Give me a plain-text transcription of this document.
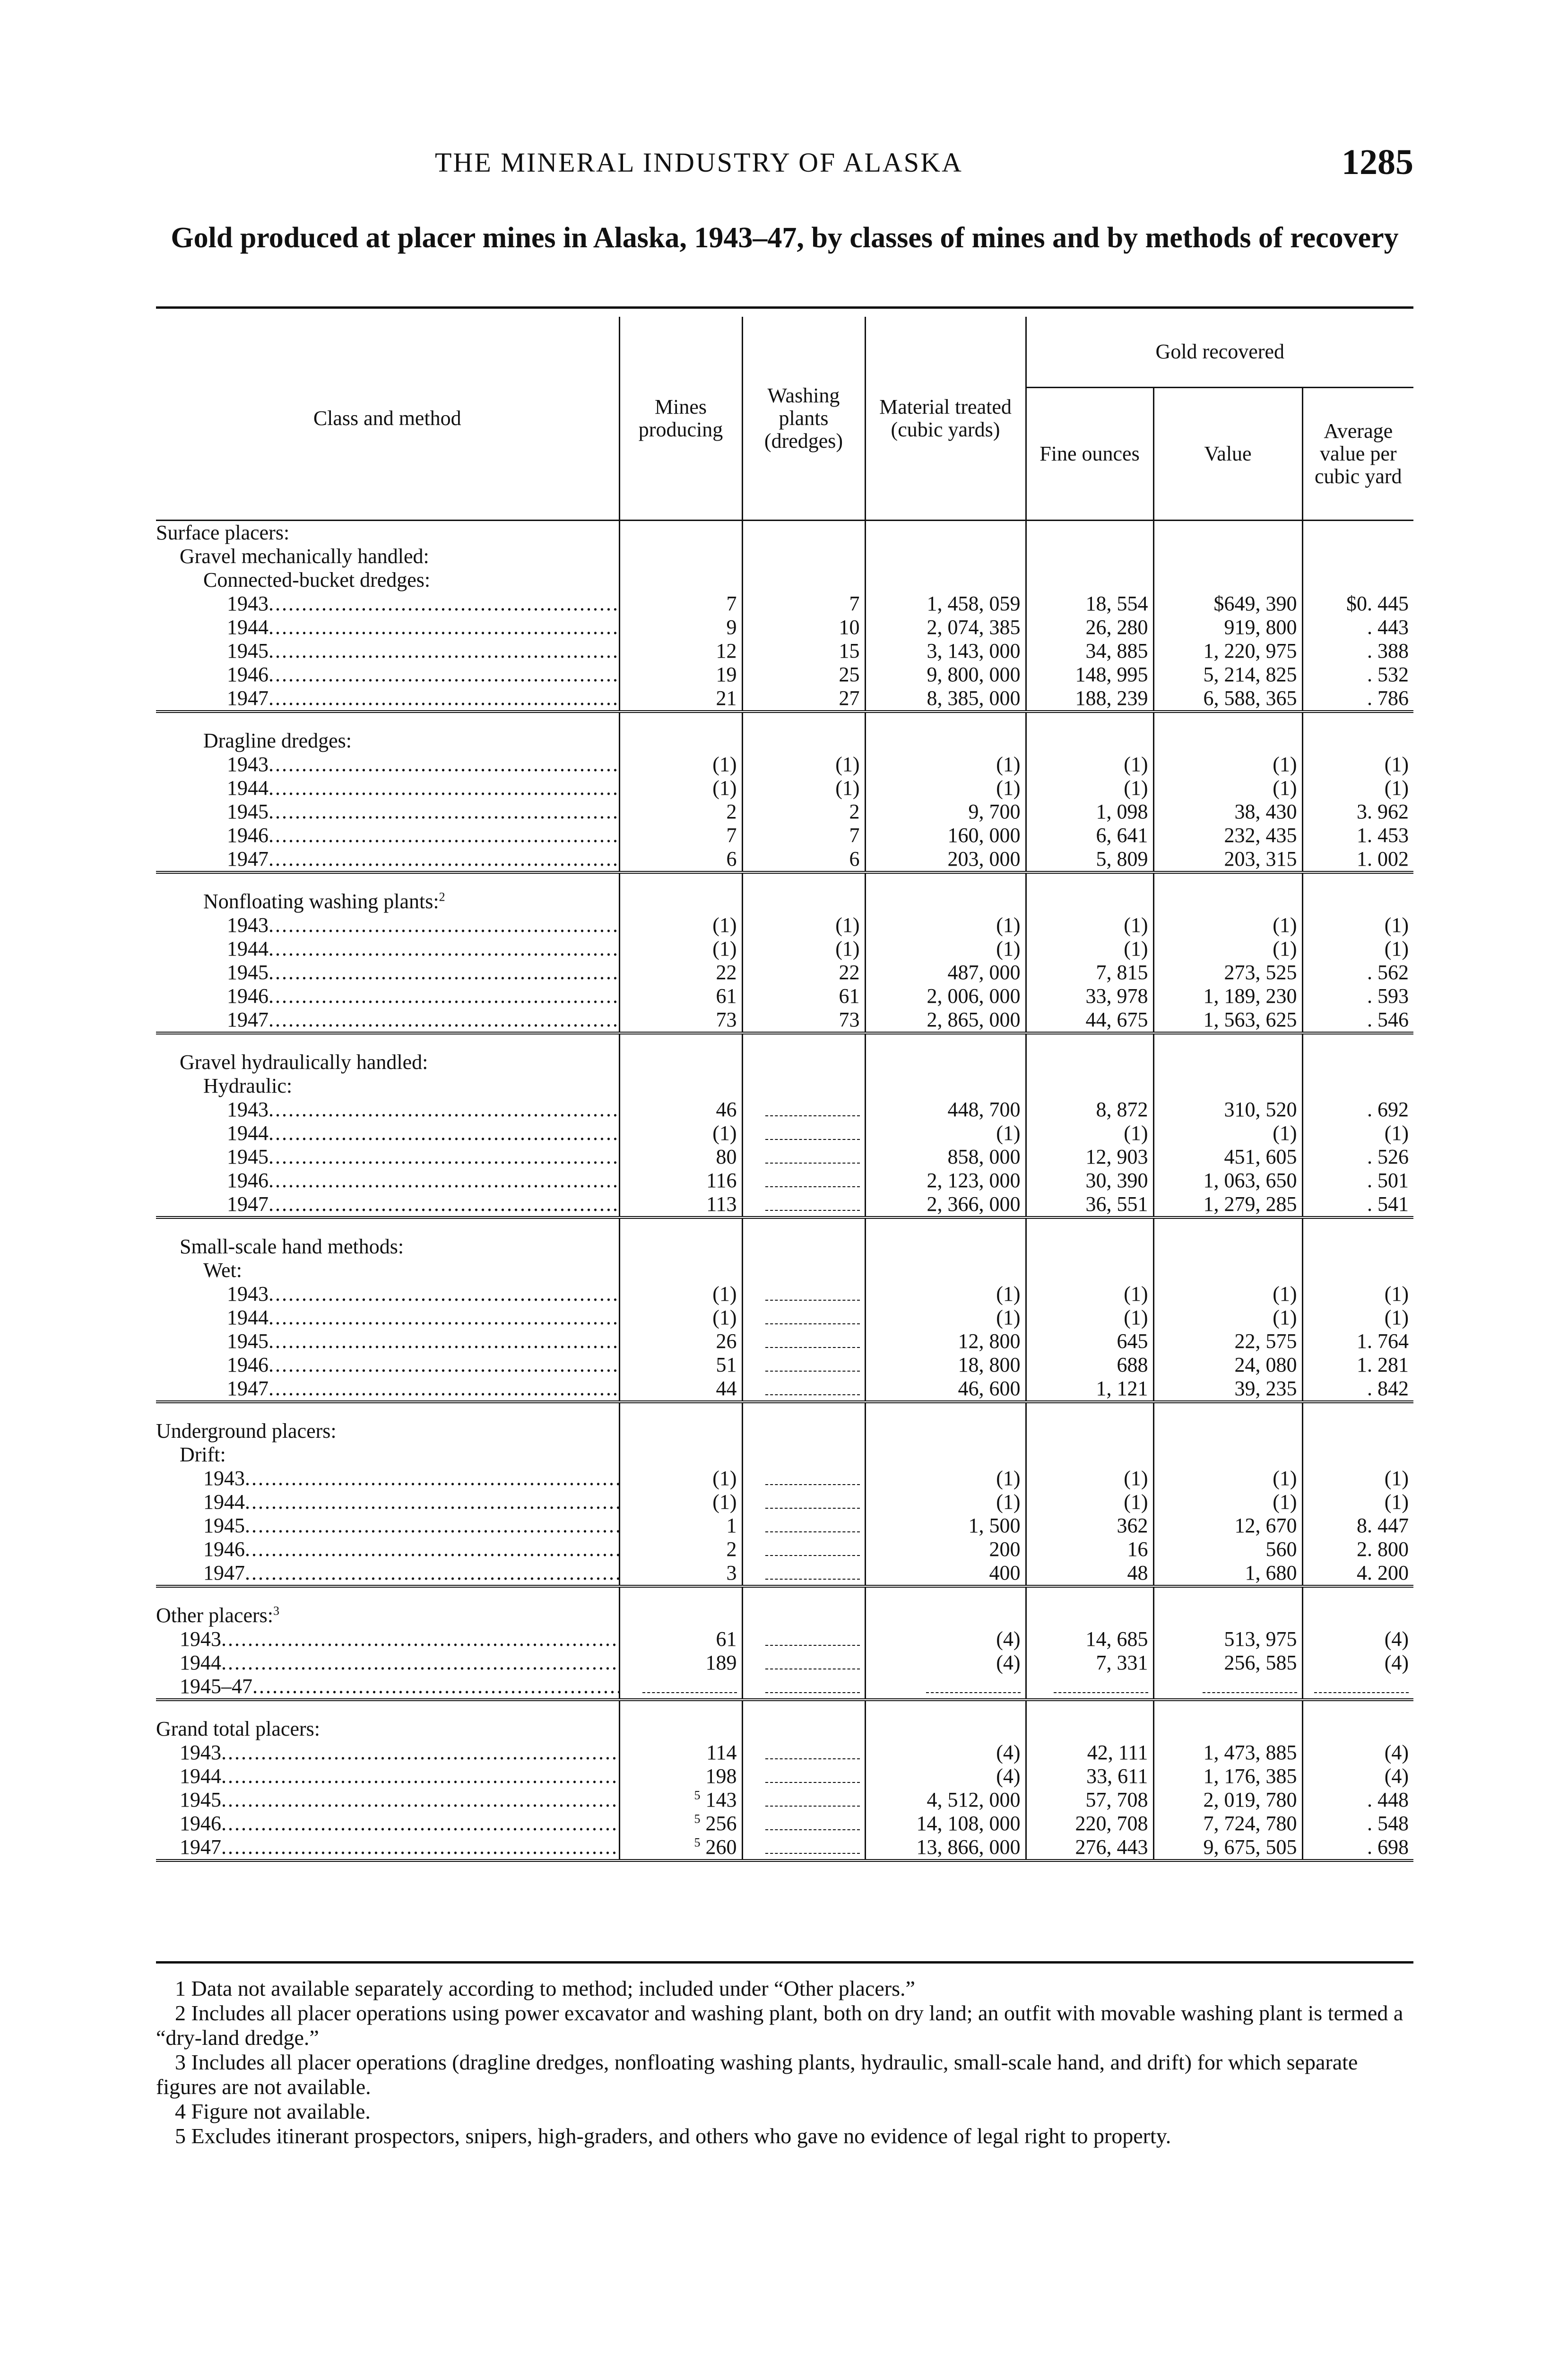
THE MINERAL INDUSTRY OF ALASKA	1285
Gold produced at placer mines in Alaska, 1943–47, by classes of mines and by methods of recovery
Class and method	Mines producing	Washing plants (dredges)	Material treated (cubic yards)	Gold recovered		
				Fine ounces	Value	Average value per cubic yard
Surface placers:						
Gravel mechanically handled:						
Connected-bucket dredges:						
1943 .....	7	7	1, 458, 059	18, 554	$649, 390	$0. 445
1944 .....	9	10	2, 074, 385	26, 280	919, 800	. 443
1945 .....	12	15	3, 143, 000	34, 885	1, 220, 975	. 388
1946 .....	19	25	9, 800, 000	148, 995	5, 214, 825	. 532
1947 .....	21	27	8, 385, 000	188, 239	6, 588, 365	. 786
Dragline dredges:						
1943 .....	(1)	(1)	(1)	(1)	(1)	(1)
1944 .....	(1)	(1)	(1)	(1)	(1)	(1)
1945 .....	2	2	9, 700	1, 098	38, 430	3. 962
1946 .....	7	7	160, 000	6, 641	232, 435	1. 453
1947 .....	6	6	203, 000	5, 809	203, 315	1. 002
Nonfloating washing plants:$^2$						
1943 .....	(1)	(1)	(1)	(1)	(1)	(1)
1944 .....	(1)	(1)	(1)	(1)	(1)	(1)
1945 .....	22	22	487, 000	7, 815	273, 525	. 562
1946 .....	61	61	2, 006, 000	33, 978	1, 189, 230	. 593
1947 .....	73	73	2, 865, 000	44, 675	1, 563, 625	. 546
Gravel hydraulically handled:						
Hydraulic:						
1943 .....	46		448, 700	8, 872	310, 520	. 692
1944 .....	(1)		(1)	(1)	(1)	(1)
1945 .....	80		858, 000	12, 903	451, 605	. 526
1946 .....	116		2, 123, 000	30, 390	1, 063, 650	. 501
1947 .....	113		2, 366, 000	36, 551	1, 279, 285	. 541
Small-scale hand methods:						
Wet:						
1943 .....	(1)		(1)	(1)	(1)	(1)
1944 .....	(1)		(1)	(1)	(1)	(1)
1945 .....	26		12, 800	645	22, 575	1. 764
1946 .....	51		18, 800	688	24, 080	1. 281
1947 .....	44		46, 600	1, 121	39, 235	. 842
Underground placers:						
Drift:						
1943 .....	(1)		(1)	(1)	(1)	(1)
1944 .....	(1)		(1)	(1)	(1)	(1)
1945 .....	1		1, 500	362	12, 670	8. 447
1946 .....	2		200	16	560	2. 800
1947 .....	3		400	48	1, 680	4. 200
Other placers:$^3$						
1943 .....	61		(4)	14, 685	513, 975	(4)
1944 .....	189		(4)	7, 331	256, 585	(4)
1945–47 .....						
Grand total placers:						
1943 .....	114		(4)	42, 111	1, 473, 885	(4)
1944 .....	198		(4)	33, 611	1, 176, 385	(4)
1945 .....	$^5$ 143		4, 512, 000	57, 708	2, 019, 780	. 448
1946 .....	$^5$ 256		14, 108, 000	220, 708	7, 724, 780	. 548
1947 .....	$^5$ 260		13, 866, 000	276, 443	9, 675, 505	. 698

1 Data not available separately according to method; included under “Other placers.”

2 Includes all placer operations using power excavator and washing plant, both on dry land; an outfit with movable washing plant is termed a “dry-land dredge.”

3 Includes all placer operations (dragline dredges, nonfloating washing plants, hydraulic, small-scale hand, and drift) for which separate figures are not available.

4 Figure not available.

5 Excludes itinerant prospectors, snipers, high-graders, and others who gave no evidence of legal right to property.
